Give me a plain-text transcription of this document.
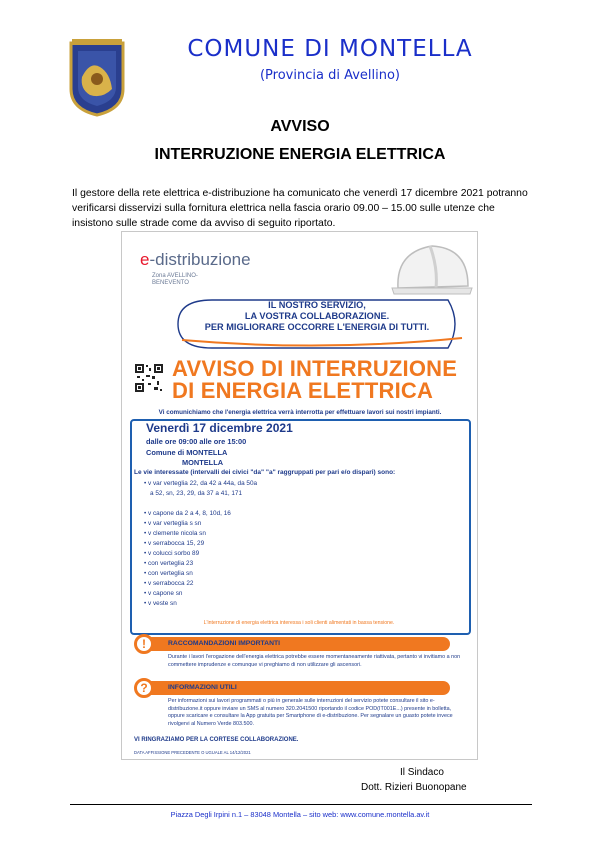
COMUNE DI MONTELLA
(Provincia di Avellino)
AVVISO
INTERRUZIONE ENERGIA ELETTRICA
Il gestore della rete elettrica e-distribuzione ha comunicato che venerdì 17 dicembre 2021 potranno verificarsi disservizi sulla fornitura elettrica nella fascia orario 09.00 – 15.00 sulle utenze che insistono sulle strade come da avviso di seguito riportato.
e-distribuzione
Zona AVELLINO-BENEVENTO
IL NOSTRO SERVIZIO,
LA VOSTRA COLLABORAZIONE.
PER MIGLIORARE OCCORRE L'ENERGIA DI TUTTI.
AVVISO DI INTERRUZIONE
DI ENERGIA ELETTRICA
Vi comunichiamo che l'energia elettrica verrà interrotta per effettuare lavori sui nostri impianti.
Venerdì 17 dicembre 2021
dalle ore 09:00 alle ore 15:00
Comune di MONTELLA
MONTELLA
Le vie interessate (intervalli dei civici "da" "a" raggruppati per pari e/o dispari) sono:
• v var verteglia 22, da 42 a 44a, da 50a
a 52, sn, 23, 29, da 37 a 41, 171
• v capone da 2 a 4, 8, 10d, 16
• v var verteglia s sn
• v clemente nicola sn
• v serrabocca 15, 29
• v colucci sorbo 89
• con verteglia 23
• con verteglia sn
• v serrabocca 22
• v capone sn
• v veste sn
L'interruzione di energia elettrica interessa i soli clienti alimentati in bassa tensione.
RACCOMANDAZIONI IMPORTANTI
!
Durante i lavori l'erogazione dell'energia elettrica potrebbe essere momentaneamente riattivata, pertanto vi invitiamo a non commettere imprudenze e comunque vi preghiamo di non utilizzare gli ascensori.
INFORMAZIONI UTILI
?
Per informazioni sui lavori programmati o più in generale sulle interruzioni del servizio potete consultare il sito e-distribuzione.it oppure inviare un SMS al numero 320.2041500 riportando il codice POD(IT001E...) presente in bolletta, oppure scaricare e consultare la App gratuita per Smartphone di e-distribuzione. Per segnalare un guasto potete invece rivolgervi al Numero Verde 803.500.
VI RINGRAZIAMO PER LA CORTESE COLLABORAZIONE.
DATA AFFISSIONE PRECEDENTE O UGUALE AL 14/12/2021
Il Sindaco
Dott. Rizieri Buonopane
Piazza Degli Irpini n.1 – 83048 Montella – sito web: www.comune.montella.av.it
